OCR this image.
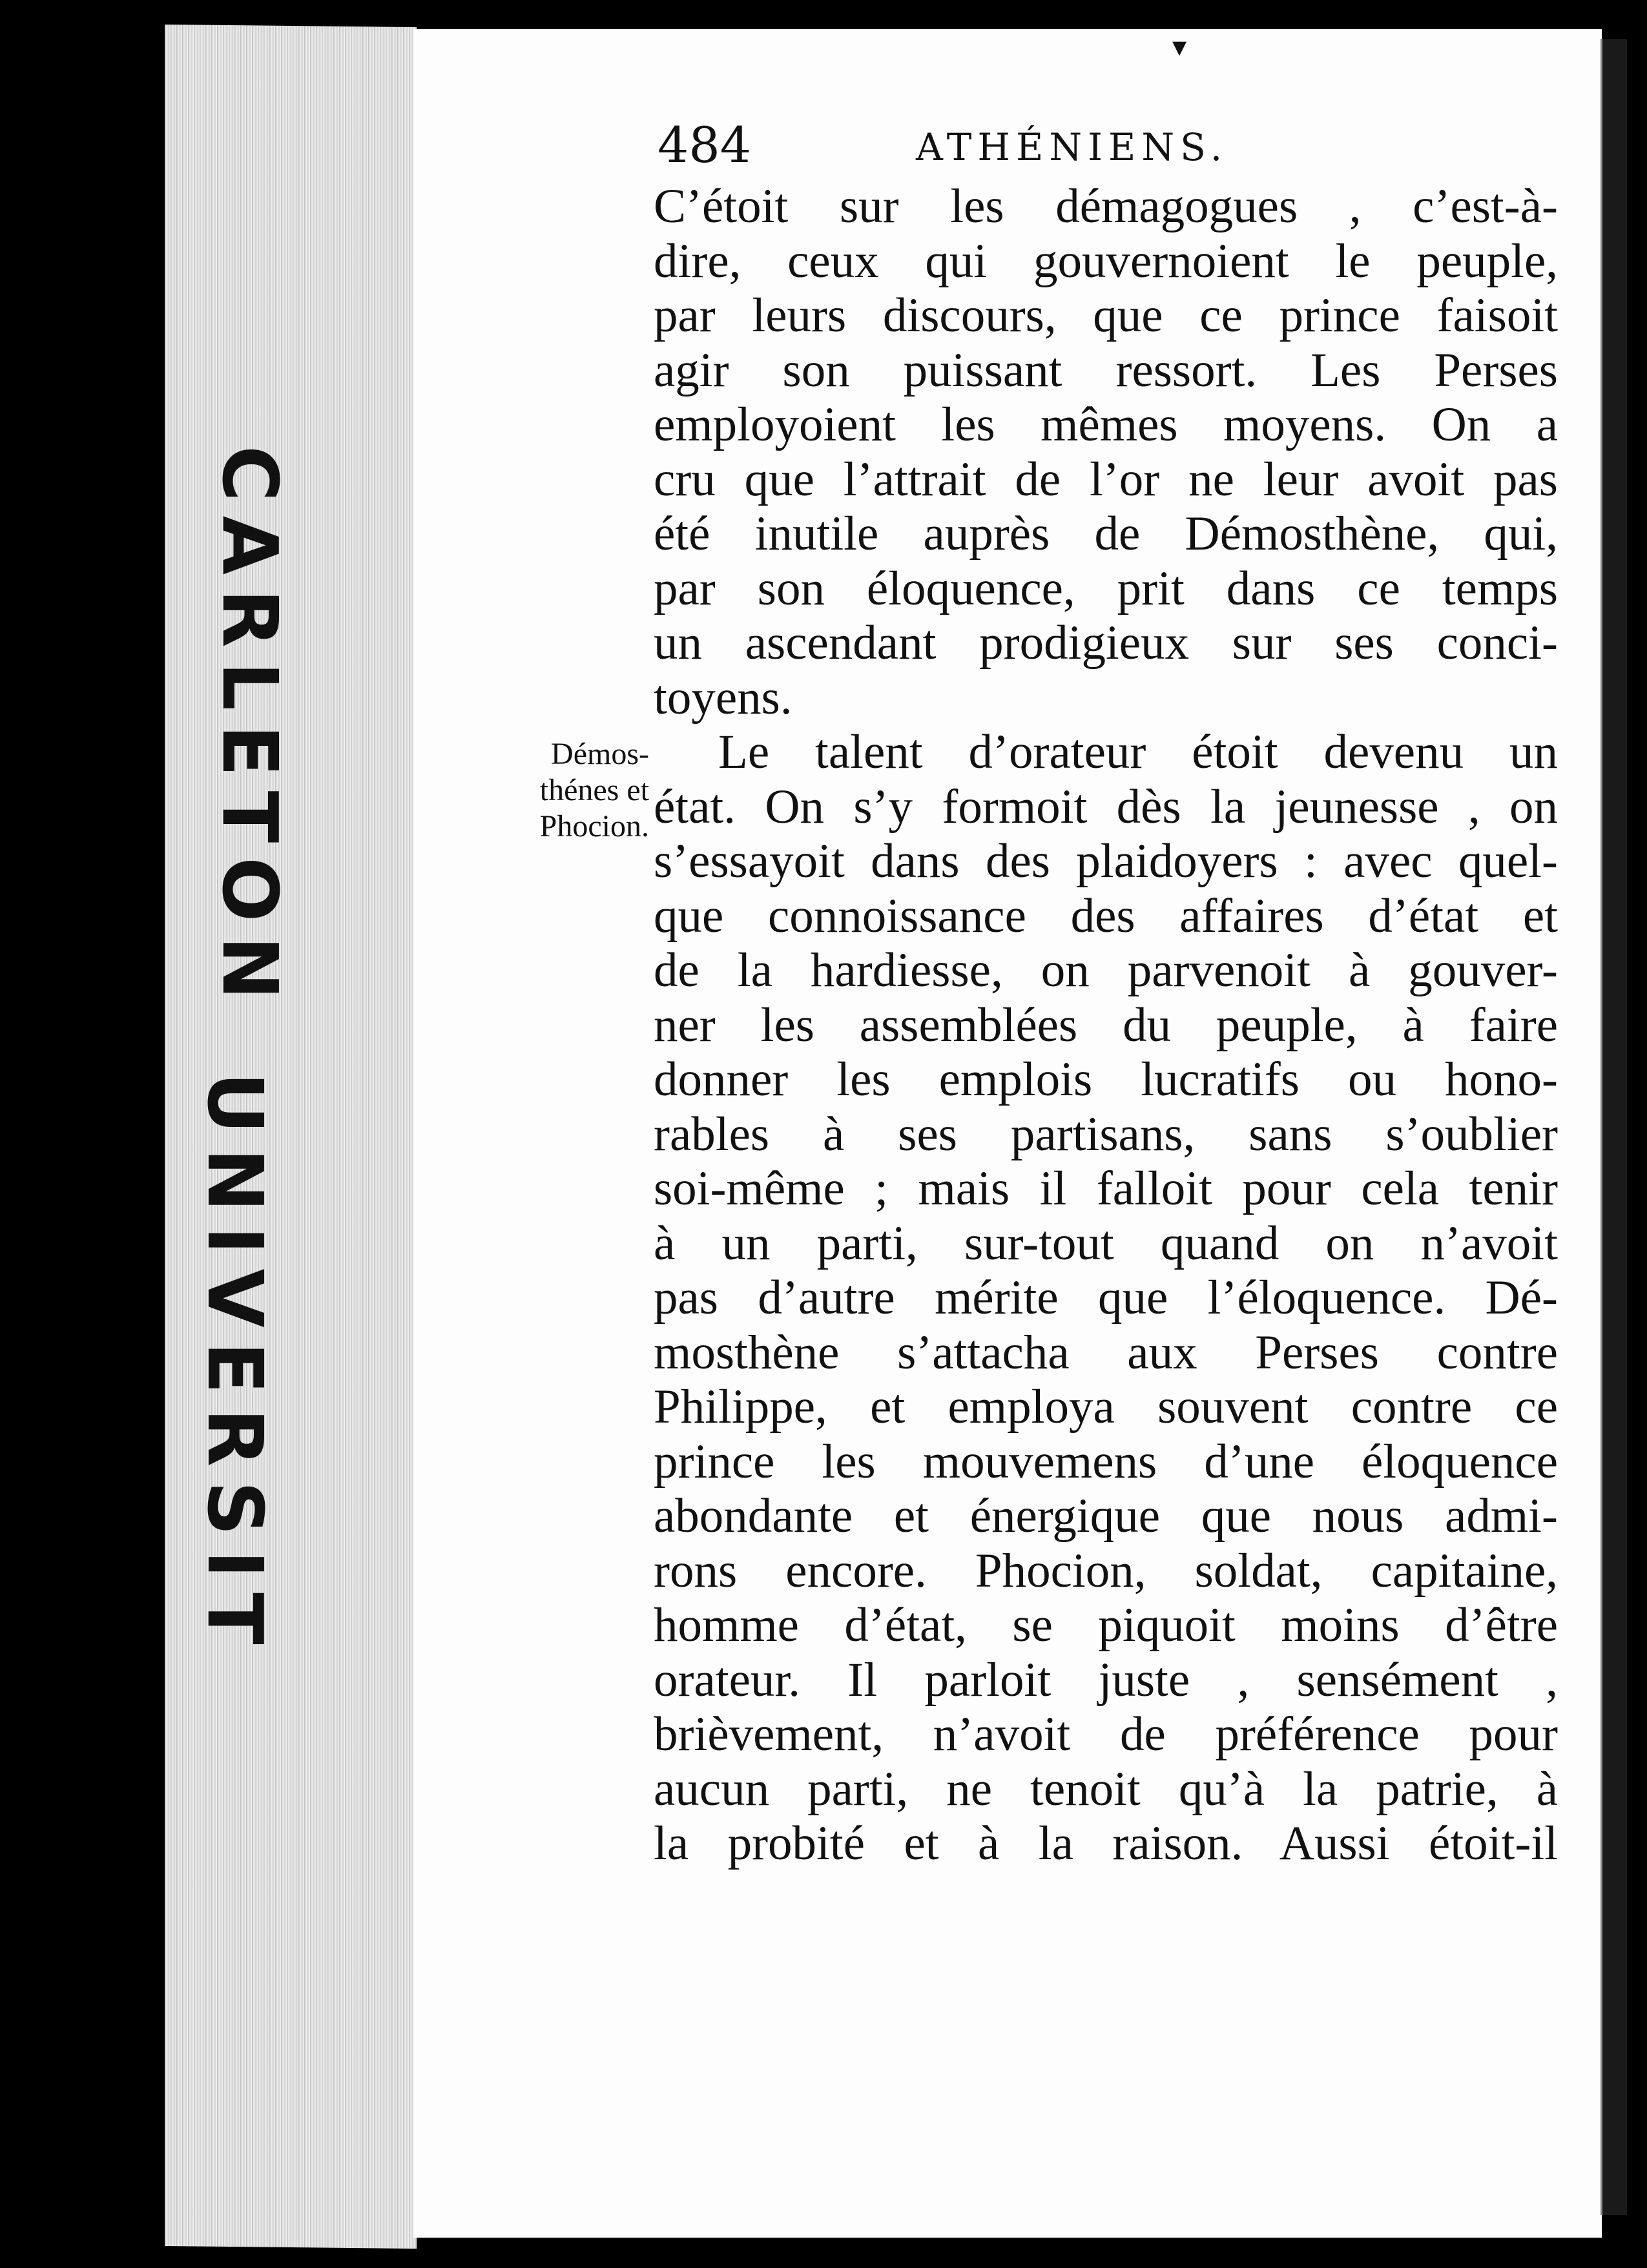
CARLETON
UNIVERSIT
▾
484	ATHÉNIENS.
Démos-
thénes et
Phocion.
C’étoit sur les démagogues , c’est-à-
dire, ceux qui gouvernoient le peuple,
par leurs discours, que ce prince faisoit
agir son puissant ressort. Les Perses
employoient les mêmes moyens. On a
cru que l’attrait de l’or ne leur avoit pas
été inutile auprès de Démosthène, qui,
par son éloquence, prit dans ce temps
un ascendant prodigieux sur ses conci-
toyens.
Le talent d’orateur étoit devenu un
état. On s’y formoit dès la jeunesse , on
s’essayoit dans des plaidoyers : avec quel-
que connoissance des affaires d’état et
de la hardiesse, on parvenoit à gouver-
ner les assemblées du peuple, à faire
donner les emplois lucratifs ou hono-
rables à ses partisans, sans s’oublier
soi-même ; mais il falloit pour cela tenir
à un parti, sur-tout quand on n’avoit
pas d’autre mérite que l’éloquence. Dé-
mosthène s’attacha aux Perses contre
Philippe, et employa souvent contre ce
prince les mouvemens d’une éloquence
abondante et énergique que nous admi-
rons encore. Phocion, soldat, capitaine,
homme d’état, se piquoit moins d’être
orateur. Il parloit juste , sensément ,
brièvement, n’avoit de préférence pour
aucun parti, ne tenoit qu’à la patrie, à
la probité et à la raison. Aussi étoit-il
